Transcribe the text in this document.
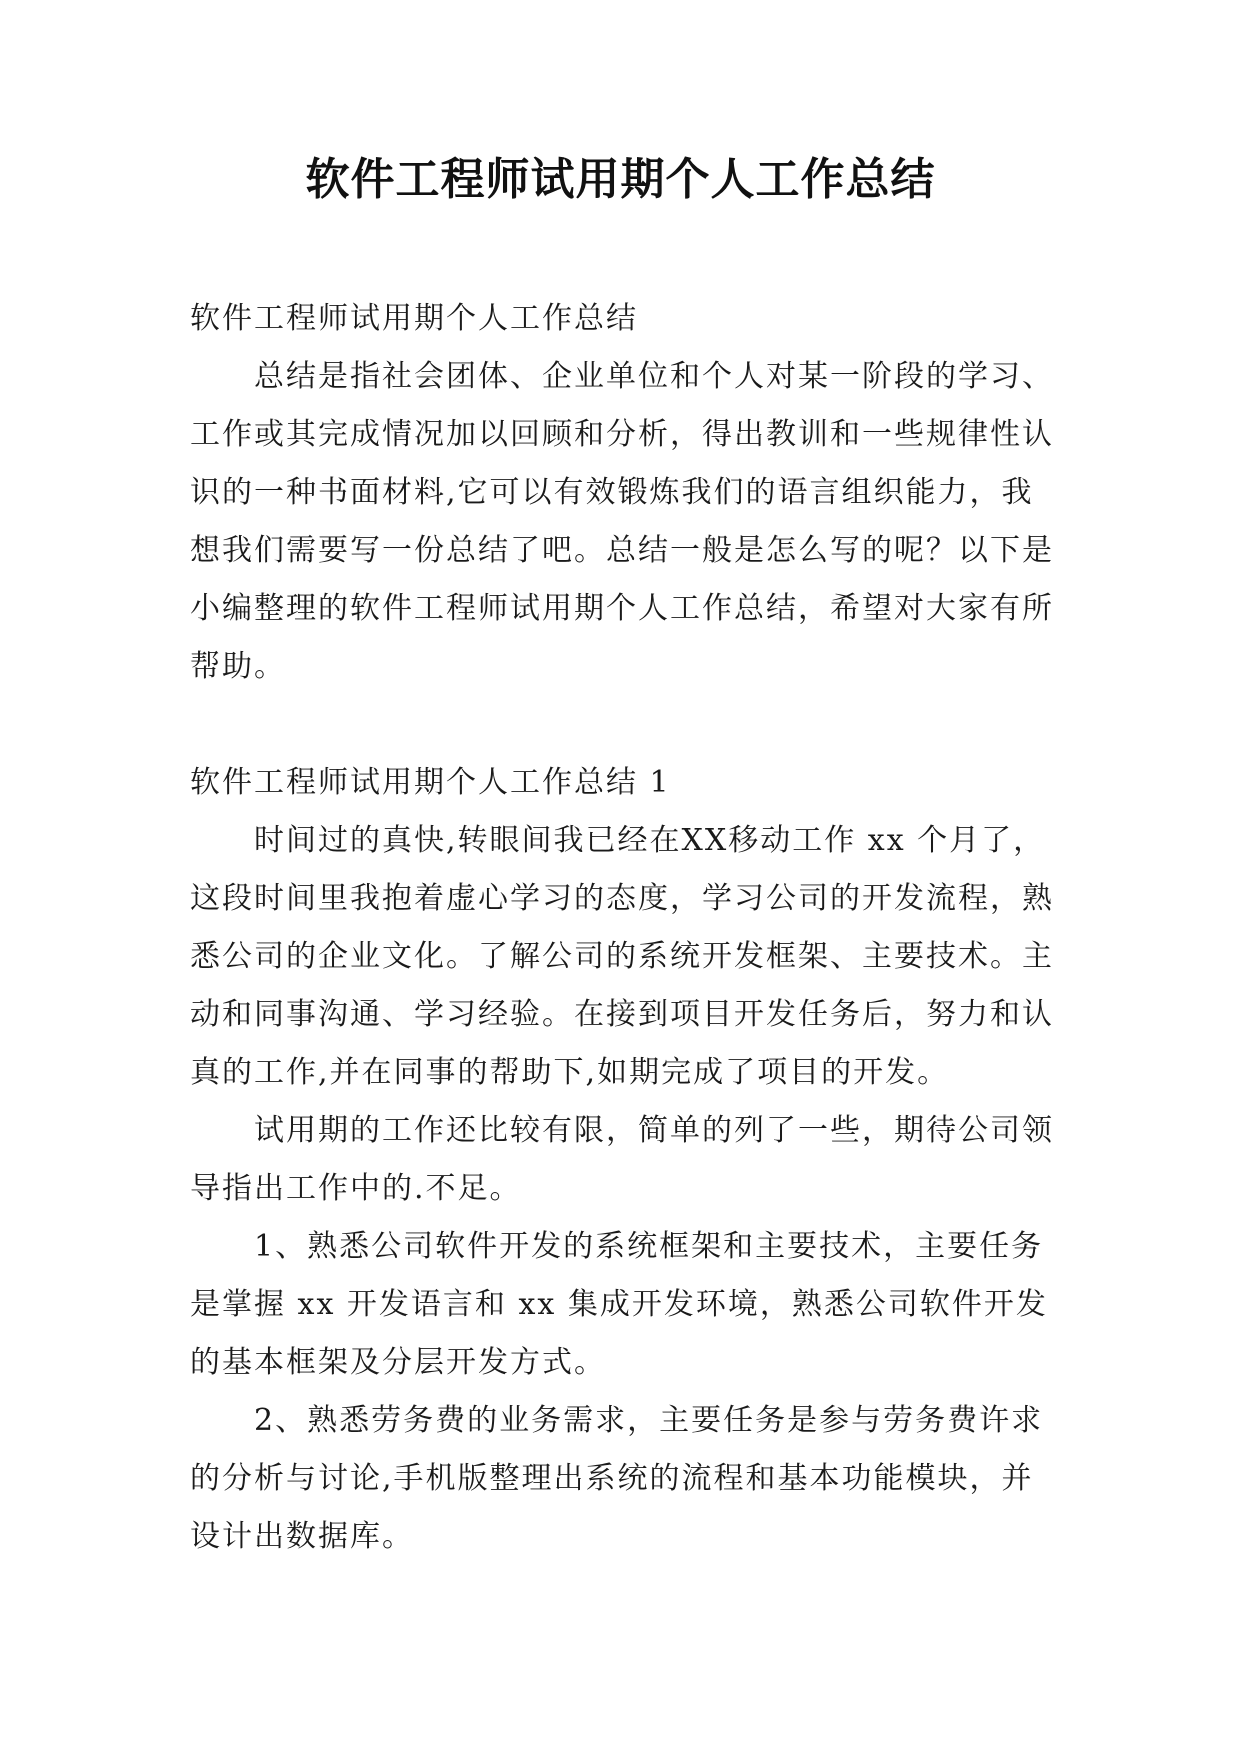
软件工程师试用期个人工作总结

软件工程师试用期个人工作总结

总结是指社会团体、企业单位和个人对某一阶段的学习、工作或其完成情况加以回顾和分析，得出教训和一些规律性认识的一种书面材料,它可以有效锻炼我们的语言组织能力，我想我们需要写一份总结了吧。总结一般是怎么写的呢？以下是小编整理的软件工程师试用期个人工作总结，希望对大家有所帮助。

软件工程师试用期个人工作总结 1

时间过的真快,转眼间我已经在XX移动工作 xx 个月了，这段时间里我抱着虚心学习的态度，学习公司的开发流程，熟悉公司的企业文化。了解公司的系统开发框架、主要技术。主动和同事沟通、学习经验。在接到项目开发任务后，努力和认真的工作,并在同事的帮助下,如期完成了项目的开发。

试用期的工作还比较有限，简单的列了一些，期待公司领导指出工作中的.不足。

1、熟悉公司软件开发的系统框架和主要技术，主要任务是掌握 xx 开发语言和 xx 集成开发环境，熟悉公司软件开发的基本框架及分层开发方式。

2、熟悉劳务费的业务需求，主要任务是参与劳务费许求的分析与讨论,手机版整理出系统的流程和基本功能模块，并设计出数据库。
